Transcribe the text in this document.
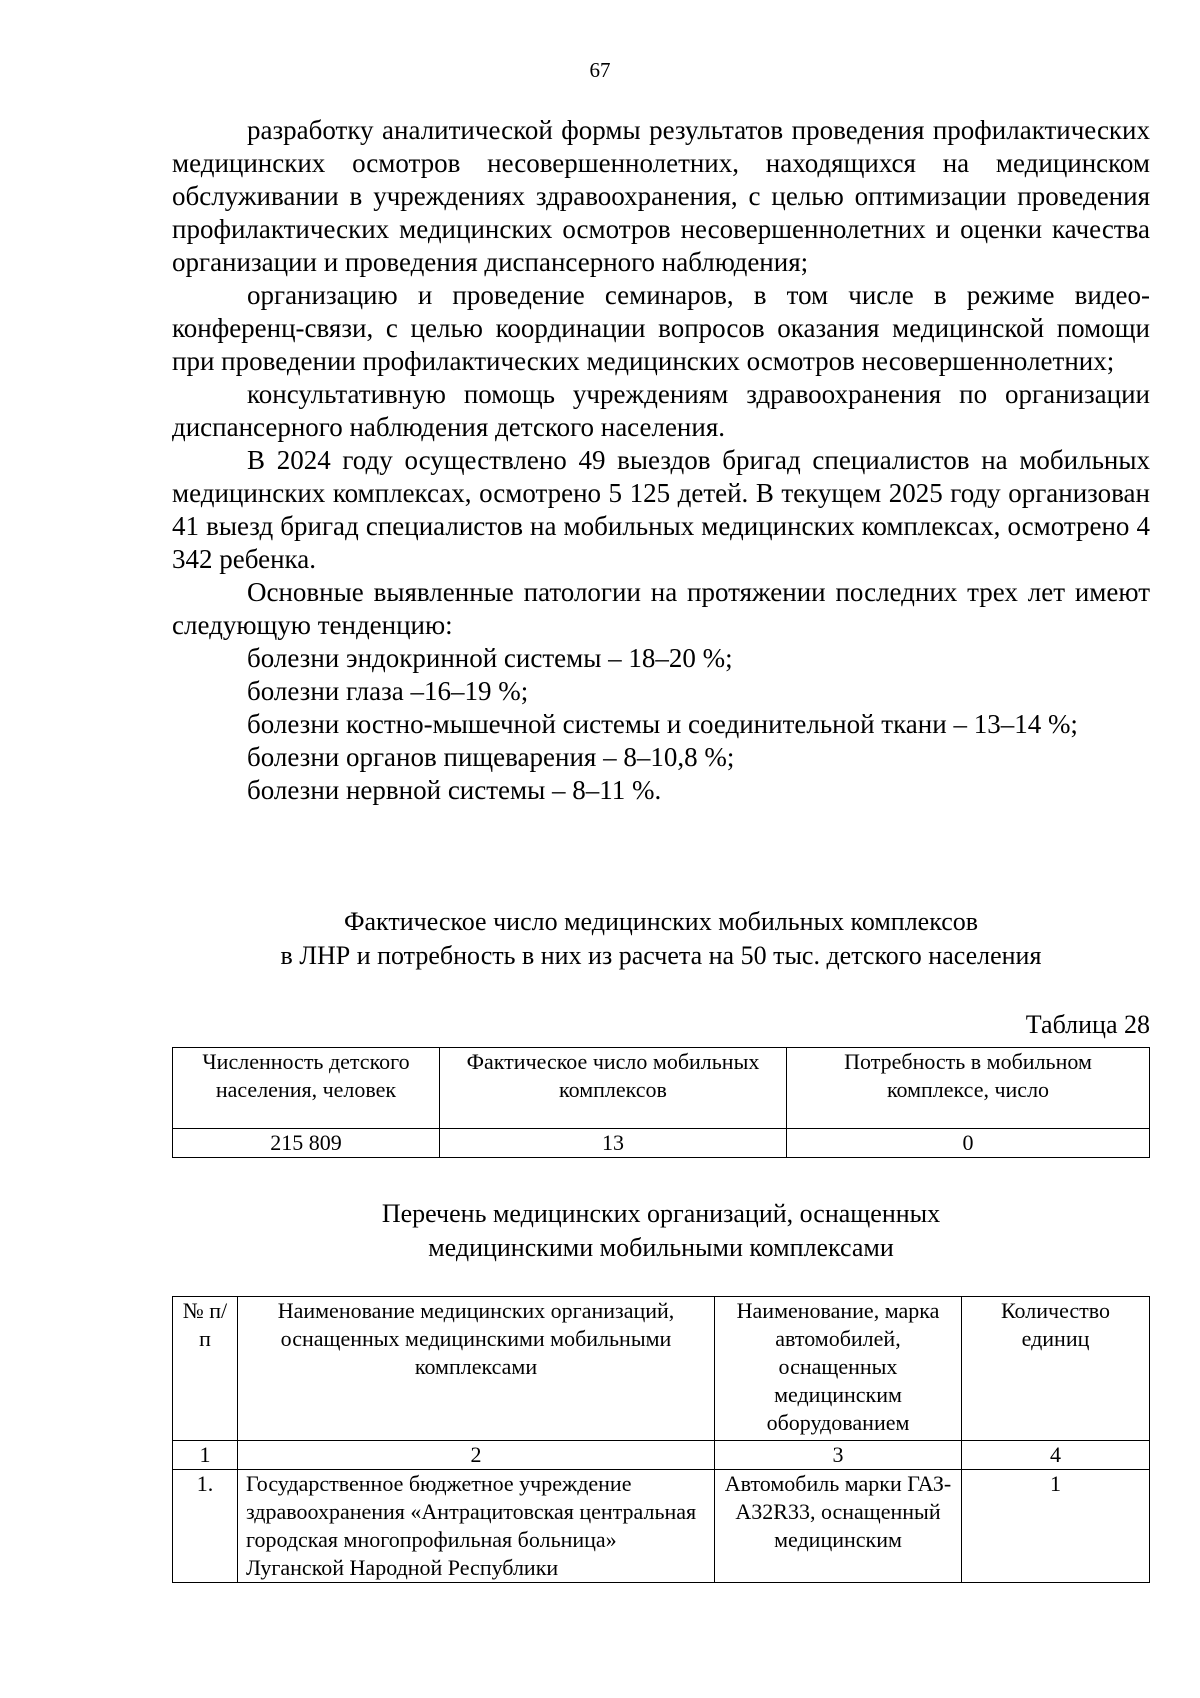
67

разработку аналитической формы результатов проведения профилактических медицинских осмотров несовершеннолетних, находящихся на медицинском обслуживании в учреждениях здравоохранения, с целью оптимизации проведения профилактических медицинских осмотров несовершеннолетних и оценки качества организации и проведения диспансерного наблюдения;

организацию и проведение семинаров, в том числе в режиме видео-конференц-связи, с целью координации вопросов оказания медицинской помощи при проведении профилактических медицинских осмотров несовершеннолетних;

консультативную помощь учреждениям здравоохранения по организации диспансерного наблюдения детского населения.

В 2024 году осуществлено 49 выездов бригад специалистов на мобильных медицинских комплексах, осмотрено 5 125 детей. В текущем 2025 году организован 41 выезд бригад специалистов на мобильных медицинских комплексах, осмотрено 4 342 ребенка.

Основные выявленные патологии на протяжении последних трех лет имеют следующую тенденцию:

болезни эндокринной системы – 18–20 %;

болезни глаза –16–19 %;

болезни костно-мышечной системы и соединительной ткани – 13–14 %;

болезни органов пищеварения – 8–10,8 %;

болезни нервной системы – 8–11 %.

Фактическое число медицинских мобильных комплексов
в ЛНР и потребность в них из расчета на 50 тыс. детского населения
Таблица 28
Численность детского населения, человек	Фактическое число мобильных комплексов	Потребность в мобильном комплексе, число
215 809	13	0
Перечень медицинских организаций, оснащенных
медицинскими мобильными комплексами
№ п/п	Наименование медицинских организаций, оснащенных медицинскими мобильными комплексами	Наименование, марка автомобилей, оснащенных медицинским оборудованием	Количество единиц
1	2	3	4
1.	Государственное бюджетное учреждение здравоохранения «Антрацитовская центральная городская многопрофильная больница» Луганской Народной Республики	Автомобиль марки ГАЗ-А32R33, оснащенный медицинским	1
